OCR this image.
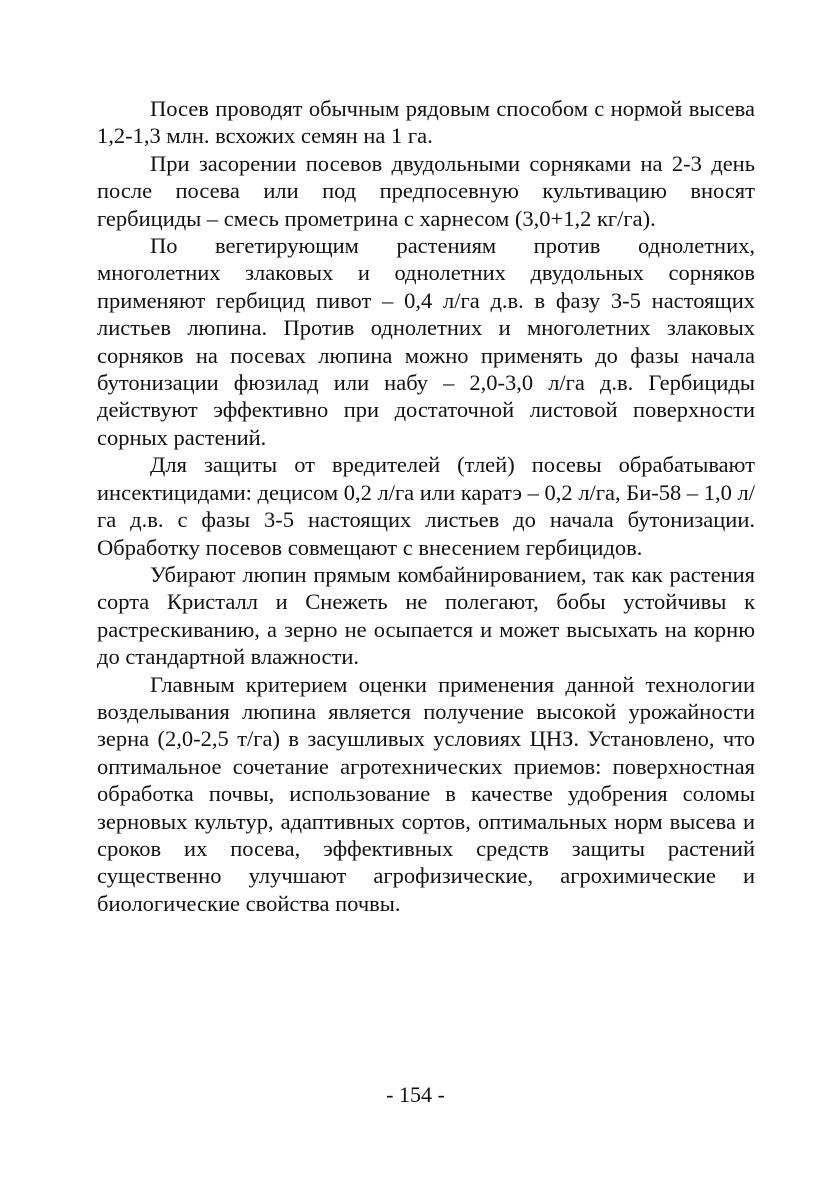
Посев проводят обычным рядовым способом с нормой высева 1,2-1,3 млн. всхожих семян на 1 га.

При засорении посевов двудольными сорняками на 2-3 день после посева или под предпосевную культивацию вносят гербициды – смесь прометрина с харнесом (3,0+1,2 кг/га).

По вегетирующим растениям против однолетних, многолетних злаковых и однолетних двудольных сорняков применяют гербицид пивот – 0,4 л/га д.в. в фазу 3-5 настоящих листьев люпина. Против однолетних и многолетних злаковых сорняков на посевах люпина можно применять до фазы начала бутонизации фюзилад или набу – 2,0-3,0 л/га д.в. Гербициды действуют эффективно при достаточной листовой поверхности сорных растений.

Для защиты от вредителей (тлей) посевы обрабатывают инсектицидами: децисом 0,2 л/га или каратэ – 0,2 л/га, Би-58 – 1,0 л/га д.в. с фазы 3-5 настоящих листьев до начала бутонизации. Обработку посевов совмещают с внесением гербицидов.

Убирают люпин прямым комбайнированием, так как растения сорта Кристалл и Снежеть не полегают, бобы устойчивы к растрескиванию, а зерно не осыпается и может высыхать на корню до стандартной влажности.

Главным критерием оценки применения данной технологии возделывания люпина является получение высокой урожайности зерна (2,0-2,5 т/га) в засушливых условиях ЦНЗ. Установлено, что оптимальное сочетание агротехнических приемов: поверхностная обработка почвы, использование в качестве удобрения соломы зерновых культур, адаптивных сортов, оптимальных норм высева и сроков их посева, эффективных средств защиты растений существенно улучшают агрофизические, агрохимические и биологические свойства почвы.

- 154 -
